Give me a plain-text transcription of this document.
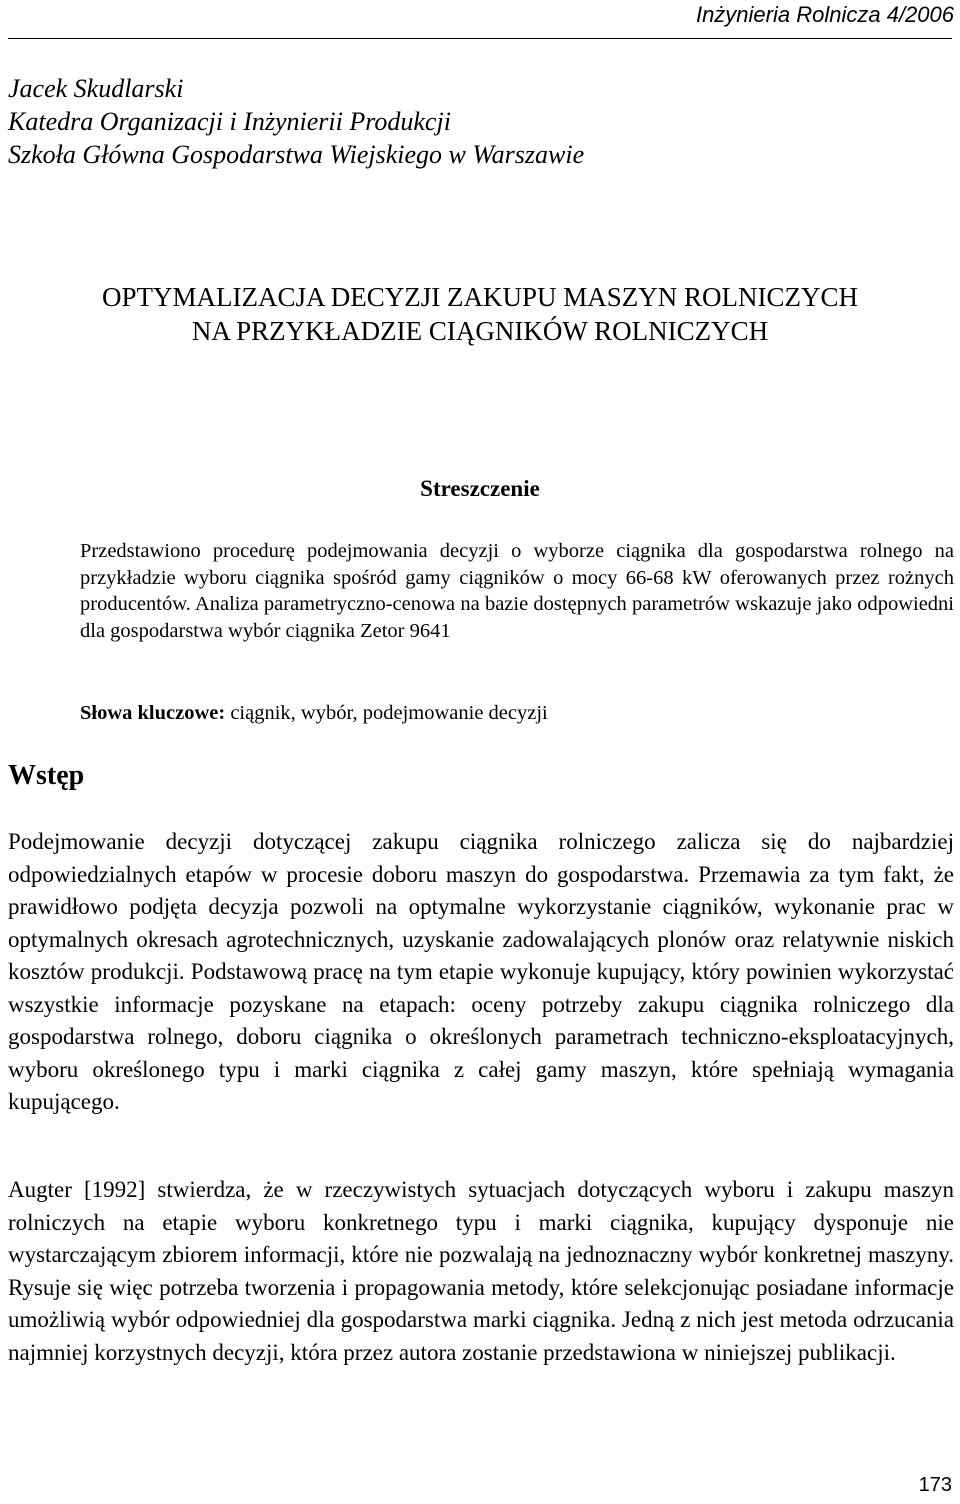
Inżynieria Rolnicza 4/2006
Jacek Skudlarski
Katedra Organizacji i Inżynierii Produkcji
Szkoła Główna Gospodarstwa Wiejskiego w Warszawie
OPTYMALIZACJA DECYZJI ZAKUPU MASZYN ROLNICZYCH
NA PRZYKŁADZIE CIĄGNIKÓW ROLNICZYCH
Streszczenie
Przedstawiono procedurę podejmowania decyzji o wyborze ciągnika dla gospodarstwa rolnego na przykładzie wyboru ciągnika spośród gamy ciągników o mocy 66-68 kW oferowanych przez rożnych producentów. Analiza parametryczno-cenowa na bazie dostępnych parametrów wskazuje jako odpowiedni dla gospodarstwa wybór ciągnika Zetor 9641
Słowa kluczowe: ciągnik, wybór, podejmowanie decyzji
Wstęp
Podejmowanie decyzji dotyczącej zakupu ciągnika rolniczego zalicza się do najbardziej odpowiedzialnych etapów w procesie doboru maszyn do gospodarstwa. Przemawia za tym fakt, że prawidłowo podjęta decyzja pozwoli na optymalne wykorzystanie ciągników, wykonanie prac w optymalnych okresach agrotechnicznych, uzyskanie zadowalających plonów oraz relatywnie niskich kosztów produkcji. Podstawową pracę na tym etapie wykonuje kupujący, który powinien wykorzystać wszystkie informacje pozyskane na etapach: oceny potrzeby zakupu ciągnika rolniczego dla gospodarstwa rolnego, doboru ciągnika o określonych parametrach techniczno-eksploatacyjnych, wyboru określonego typu i marki ciągnika z całej gamy maszyn, które spełniają wymagania kupującego.
Augter [1992] stwierdza, że w rzeczywistych sytuacjach dotyczących wyboru i zakupu maszyn rolniczych na etapie wyboru konkretnego typu i marki ciągnika, kupujący dysponuje nie wystarczającym zbiorem informacji, które nie pozwalają na jednoznaczny wybór konkretnej maszyny. Rysuje się więc potrzeba tworzenia i propagowania metody, które selekcjonując posiadane informacje umożliwią wybór odpowiedniej dla gospodarstwa marki ciągnika. Jedną z nich jest metoda odrzucania najmniej korzystnych decyzji, która przez autora zostanie przedstawiona w niniejszej publikacji.
173
